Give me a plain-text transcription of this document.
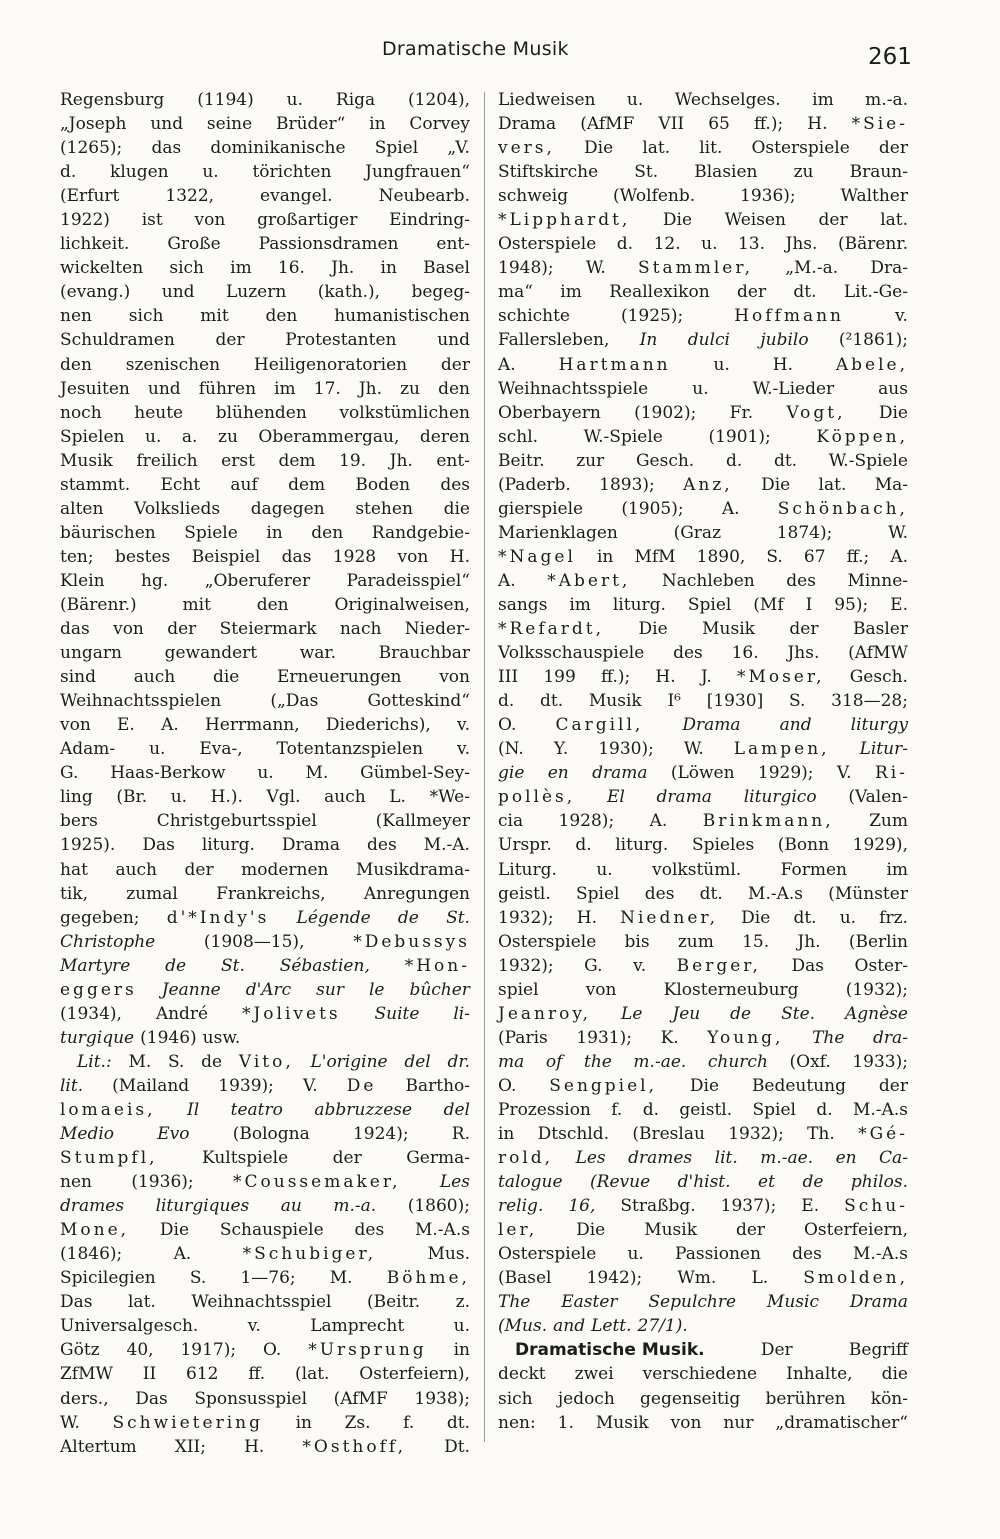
Dramatische Musik	261
Regensburg (1194) u. Riga (1204),
„Joseph und seine Brüder“ in Corvey
(1265); das dominikanische Spiel „V.
d. klugen u. törichten Jungfrauen“
(Erfurt	1322,	evangel.	Neubearb.
1922) ist von großartiger Eindring-
lichkeit. Große Passionsdramen ent-
wickelten sich im 16. Jh. in Basel
(evang.) und Luzern (kath.), begeg-
nen sich mit den humanistischen
Schuldramen der Protestanten und
den szenischen Heiligenoratorien der
Jesuiten und führen im 17. Jh. zu den
noch heute blühenden volkstümlichen
Spielen u. a. zu Oberammergau, deren
Musik freilich erst dem 19. Jh. ent-
stammt. Echt auf dem Boden des
alten Volkslieds dagegen stehen die
bäurischen Spiele in den Randgebie-
ten; bestes Beispiel das 1928 von H.
Klein hg. „Oberuferer Paradeisspiel“
(Bärenr.)	mit	den	Originalweisen,
das von der Steiermark nach Nieder-
ungarn	gewandert	war.	Brauchbar
sind auch die Erneuerungen von
Weihnachtsspielen	(„Das	Gotteskind“
von E. A. Herrmann, Diederichs), v.
Adam- u. Eva-, Totentanzspielen v.
G. Haas-Berkow u. M. Gümbel-Sey-
ling (Br. u. H.). Vgl. auch L. *We-
bers	Christgeburtsspiel	(Kallmeyer
1925). Das liturg. Drama des M.-A.
hat auch der modernen Musikdrama-
tik, zumal Frankreichs, Anregungen
gegeben; d'*Indy's Légende de St.
Christophe	(1908—15),	*Debussys
Martyre de St. Sébastien, *Hon-
eggers Jeanne d'Arc sur le bûcher
(1934), André *Jolivets Suite li-
turgique (1946) usw.
Lit.: M. S. de Vito, L'origine del dr.
lit. (Mailand 1939); V. De Bartho-
lomaeis, Il teatro abbruzzese del
Medio	Evo	(Bologna	1924);	R.
Stumpfl,	Kultspiele	der	Germa-
nen (1936); *Coussemaker, Les
drames liturgiques au m.-a. (1860);
Mone, Die Schauspiele des M.-A.s
(1846);	A.	*Schubiger,	Mus.
Spicilegien S. 1—76; M. Böhme,
Das lat. Weihnachtsspiel (Beitr. z.
Universalgesch.	v.	Lamprecht	u.
Götz 40, 1917); O. *Ursprung in
ZfMW II 612 ff. (lat. Osterfeiern),
ders., Das Sponsusspiel (AfMF 1938);
W. Schwietering in Zs. f. dt.
Altertum XII; H. *Osthoff, Dt.
Liedweisen u. Wechselges. im m.-a.
Drama (AfMF VII 65 ff.); H. *Sie-
vers, Die lat. lit. Osterspiele der
Stiftskirche St. Blasien zu Braun-
schweig	(Wolfenb.	1936);	Walther
*Lipphardt, Die Weisen der lat.
Osterspiele d. 12. u. 13. Jhs. (Bärenr.
1948); W. Stammler, „M.-a. Dra-
ma“ im Reallexikon der dt. Lit.-Ge-
schichte	(1925);	Hoffmann	v.
Fallersleben, In dulci jubilo (²1861);
A.	Hartmann	u.	H.	Abele,
Weihnachtsspiele	u.	W.-Lieder	aus
Oberbayern (1902); Fr. Vogt, Die
schl.	W.-Spiele	(1901);	Köppen,
Beitr. zur Gesch. d. dt. W.-Spiele
(Paderb. 1893); Anz, Die lat. Ma-
gierspiele (1905); A. Schönbach,
Marienklagen	(Graz	1874);	W.
*Nagel in MfM 1890, S. 67 ff.; A.
A. *Abert, Nachleben des Minne-
sangs im liturg. Spiel (Mf I 95); E.
*Refardt, Die Musik der Basler
Volksschauspiele des 16. Jhs. (AfMW
III 199 ff.); H. J. *Moser, Gesch.
d. dt. Musik I⁶ [1930] S. 318—28;
O. Cargill, Drama and liturgy
(N. Y. 1930); W. Lampen, Litur-
gie en drama (Löwen 1929); V. Ri-
pollès, El drama liturgico (Valen-
cia 1928); A. Brinkmann, Zum
Urspr. d. liturg. Spieles (Bonn 1929),
Liturg. u. volkstüml. Formen im
geistl. Spiel des dt. M.-A.s (Münster
1932); H. Niedner, Die dt. u. frz.
Osterspiele bis zum 15. Jh. (Berlin
1932); G. v. Berger, Das Oster-
spiel	von	Klosterneuburg	(1932);
Jeanroy, Le Jeu de Ste. Agnèse
(Paris 1931); K. Young, The dra-
ma of the m.-ae. church (Oxf. 1933);
O. Sengpiel, Die Bedeutung der
Prozession f. d. geistl. Spiel d. M.-A.s
in Dtschld. (Breslau 1932); Th. *Gé-
rold, Les drames lit. m.-ae. en Ca-
talogue (Revue d'hist. et de philos.
relig. 16, Straßbg. 1937); E. Schu-
ler, Die Musik der Osterfeiern,
Osterspiele u. Passionen des M.-A.s
(Basel 1942); Wm. L. Smolden,
The Easter Sepulchre Music Drama
(Mus. and Lett. 27/1).
Dramatische Musik.	Der	Begriff
deckt zwei verschiedene Inhalte, die
sich jedoch gegenseitig berühren kön-
nen: 1. Musik von nur „dramatischer“
